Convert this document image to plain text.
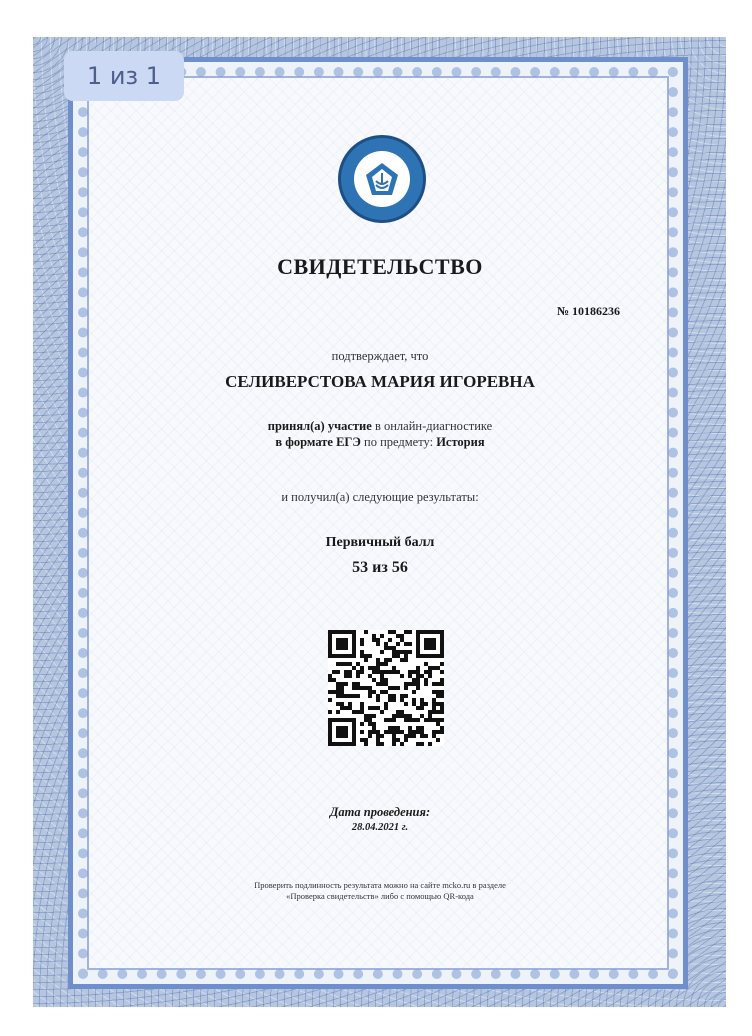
1 из 1
СВИДЕТЕЛЬСТВО
№ 10186236
подтверждает, что
СЕЛИВЕРСТОВА МАРИЯ ИГОРЕВНА
принял(а) участие в онлайн-диагностике
в формате ЕГЭ по предмету: История
и получил(а) следующие результаты:
Первичный балл
53 из 56
Дата проведения:
28.04.2021 г.
Проверить подлинность результата можно на сайте mcko.ru в разделе
«Проверка свидетельств» либо с помощью QR-кода
